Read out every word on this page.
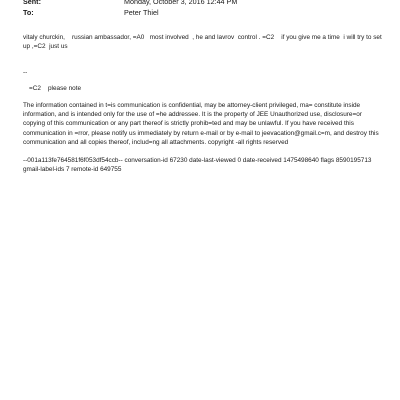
Sent:	Monday, October 3, 2016 12:44 PM
To:	Peter Thiel

vitaly churckin,    russian ambassador, =A0   most involved  , he and lavrov  control . =C2    if you give me a time  i will try to set up ,=C2  just us

--

=C2    please note

The information contained in t=is communication is confidential, may be attorney-client privileged, ma= constitute inside information, and is intended only for the use of =he addressee. It is the property of JEE Unauthorized use, disclosure=or copying of this communication or any part thereof is strictly prohib=ted and may be unlawful. If you have received this communication in =rror, please notify us immediately by return e-mail or by e-mail to jeevacation@gmail.c=m, and destroy this communication and all copies thereof, includ=ng all attachments. copyright -all rights reserved

--001a113fe764581f6f053df54ccb-- conversation-id 67230 date-last-viewed 0 date-received 1475498640 flags 8590195713 gmail-label-ids 7 remote-id 649755
